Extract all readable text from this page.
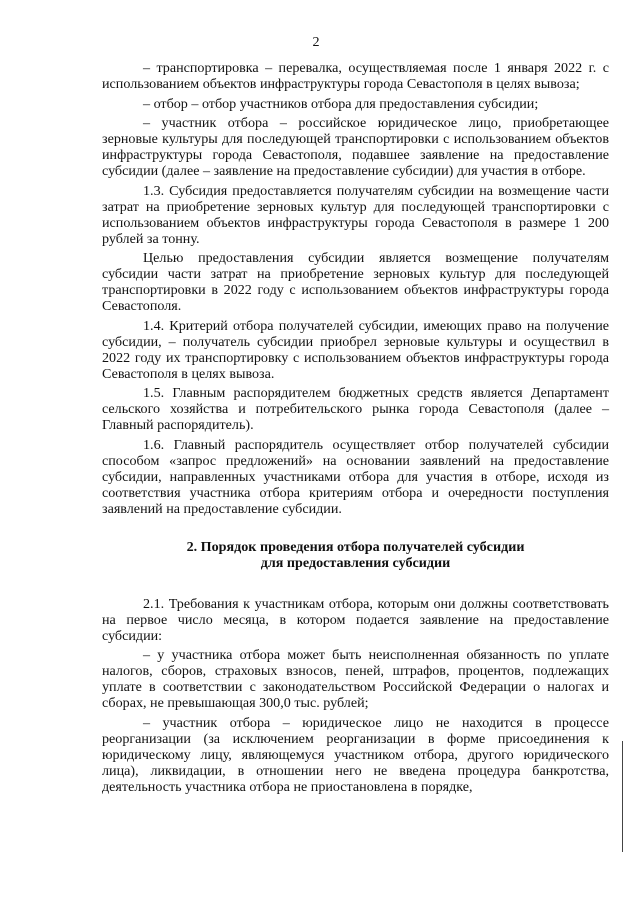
2

– транспортировка – перевалка, осуществляемая после 1 января 2022 г. с использованием объектов инфраструктуры города Севастополя в целях вывоза;

– отбор – отбор участников отбора для предоставления субсидии;

– участник отбора – российское юридическое лицо, приобретающее зерновые культуры для последующей транспортировки с использованием объектов инфраструктуры города Севастополя, подавшее заявление на предоставление субсидии (далее – заявление на предоставление субсидии) для участия в отборе.

1.3. Субсидия предоставляется получателям субсидии на возмещение части затрат на приобретение зерновых культур для последующей транспортировки с использованием объектов инфраструктуры города Севастополя в размере 1 200 рублей за тонну.

Целью предоставления субсидии является возмещение получателям субсидии части затрат на приобретение зерновых культур для последующей транспортировки в 2022 году с использованием объектов инфраструктуры города Севастополя.

1.4. Критерий отбора получателей субсидии, имеющих право на получение субсидии, – получатель субсидии приобрел зерновые культуры и осуществил в 2022 году их транспортировку с использованием объектов инфраструктуры города Севастополя в целях вывоза.

1.5. Главным распорядителем бюджетных средств является Департамент сельского хозяйства и потребительского рынка города Севастополя (далее – Главный распорядитель).

1.6. Главный распорядитель осуществляет отбор получателей субсидии способом «запрос предложений» на основании заявлений на предоставление субсидии, направленных участниками отбора для участия в отборе, исходя из соответствия участника отбора критериям отбора и очередности поступления заявлений на предоставление субсидии.

2. Порядок проведения отбора получателей субсидии
для предоставления субсидии

2.1. Требования к участникам отбора, которым они должны соответствовать на первое число месяца, в котором подается заявление на предоставление субсидии:

– у участника отбора может быть неисполненная обязанность по уплате налогов, сборов, страховых взносов, пеней, штрафов, процентов, подлежащих уплате в соответствии с законодательством Российской Федерации о налогах и сборах, не превышающая 300,0 тыс. рублей;

– участник отбора – юридическое лицо не находится в процессе реорганизации (за исключением реорганизации в форме присоединения к юридическому лицу, являющемуся участником отбора, другого юридического лица), ликвидации, в отношении него не введена процедура банкротства, деятельность участника отбора не приостановлена в порядке,
